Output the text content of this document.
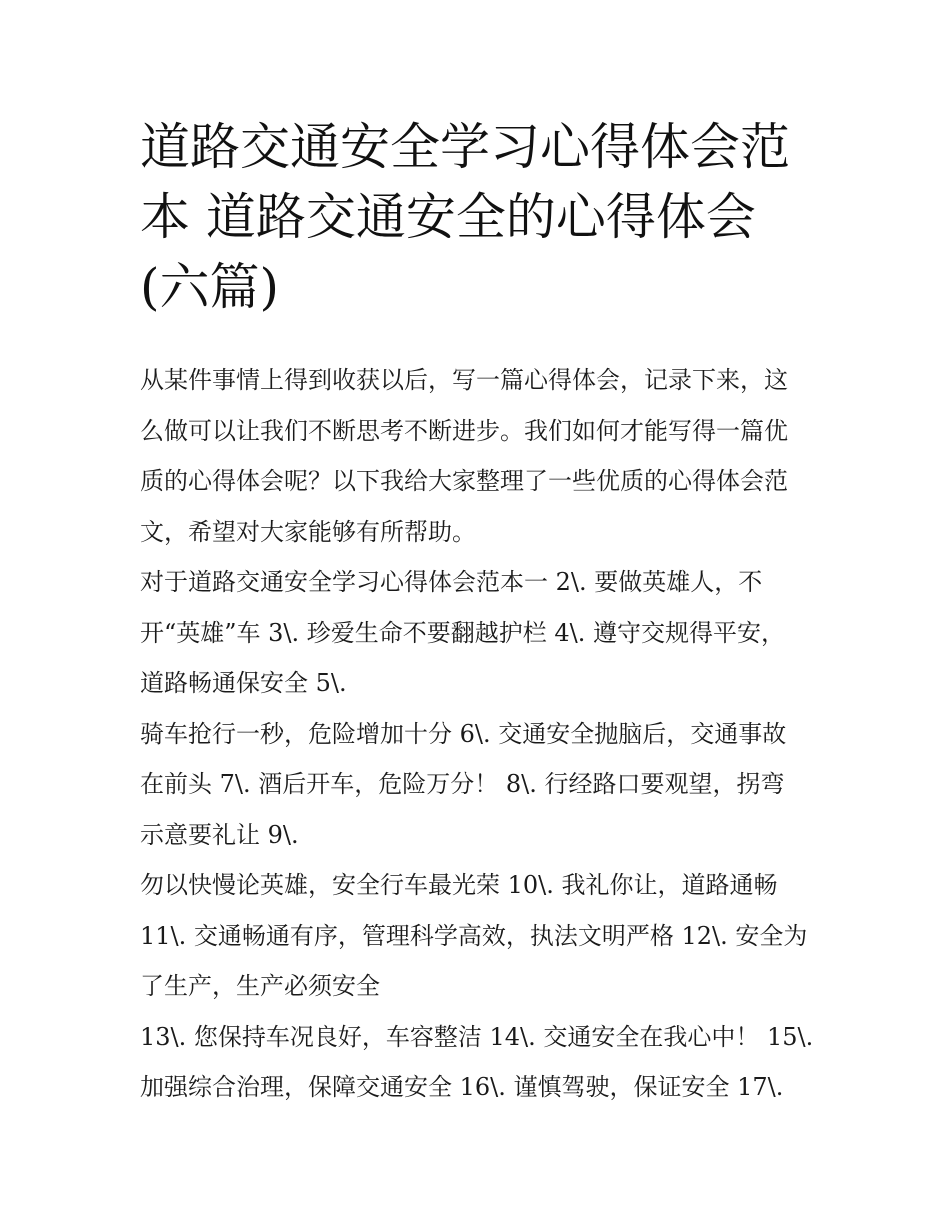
道路交通安全学习心得体会范
本 道路交通安全的心得体会
(六篇)
从某件事情上得到收获以后，写一篇心得体会，记录下来，这
么做可以让我们不断思考不断进步。我们如何才能写得一篇优
质的心得体会呢？以下我给大家整理了一些优质的心得体会范
文，希望对大家能够有所帮助。
对于道路交通安全学习心得体会范本一 2\. 要做英雄人，不
开“英雄”车 3\. 珍爱生命不要翻越护栏 4\. 遵守交规得平安，
道路畅通保安全 5\.
骑车抢行一秒，危险增加十分 6\. 交通安全抛脑后，交通事故
在前头 7\. 酒后开车，危险万分！ 8\. 行经路口要观望，拐弯
示意要礼让 9\.
勿以快慢论英雄，安全行车最光荣 10\. 我礼你让，道路通畅
11\. 交通畅通有序，管理科学高效，执法文明严格 12\. 安全为
了生产，生产必须安全
13\. 您保持车况良好，车容整洁 14\. 交通安全在我心中！ 15\.
加强综合治理，保障交通安全 16\. 谨慎驾驶，保证安全 17\.
